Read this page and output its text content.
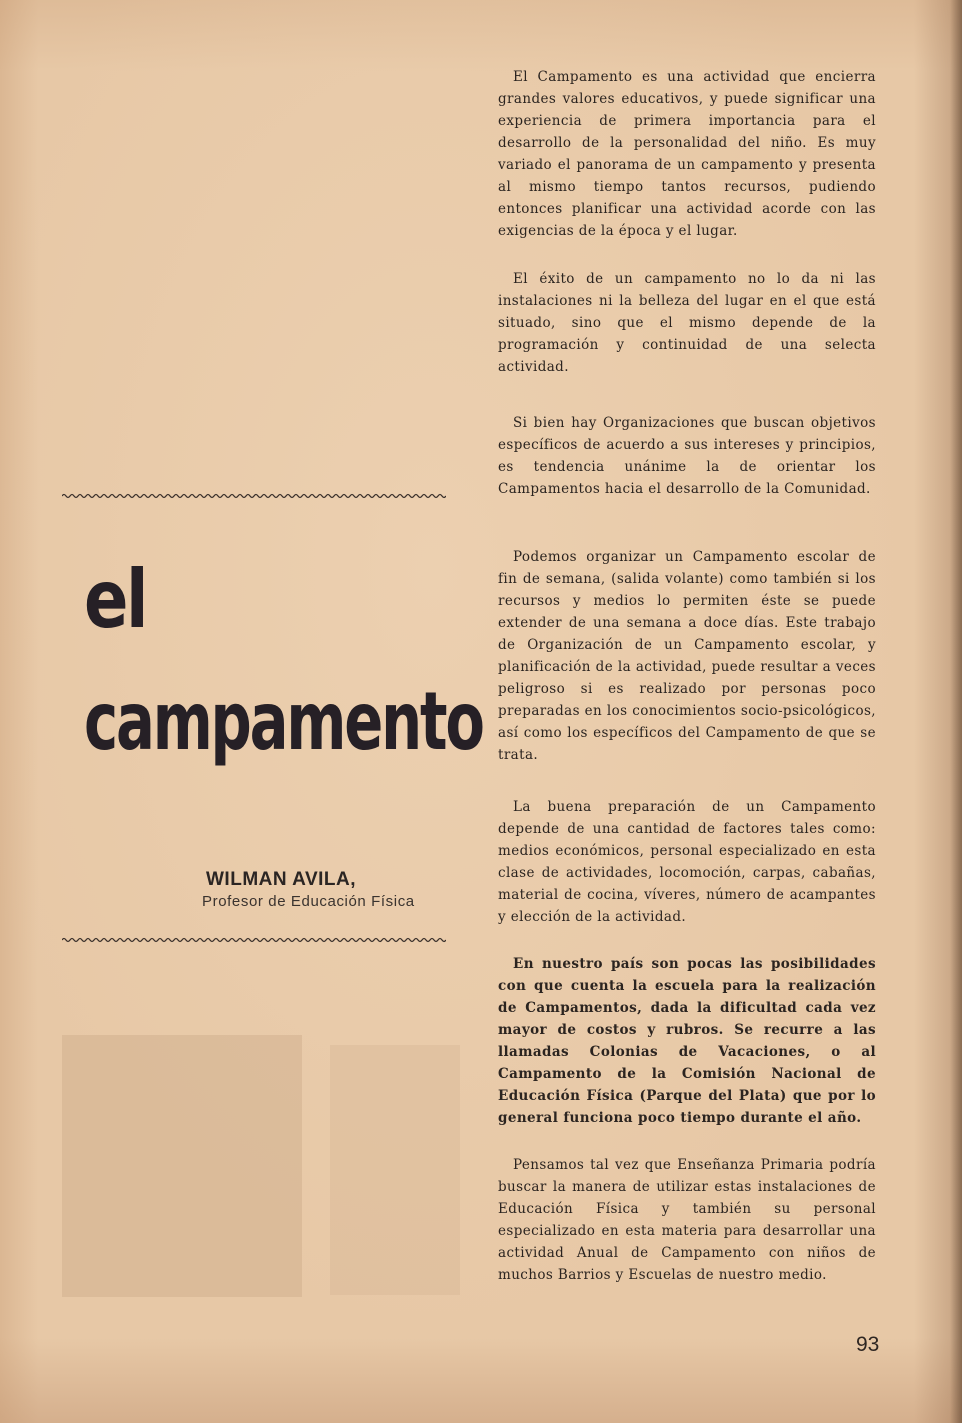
el
campamento
WILMAN AVILA,
Profesor de Educación Física

El Campamento es una actividad que encierra grandes valores educativos, y puede significar una experiencia de primera importancia para el desarrollo de la personalidad del niño. Es muy variado el panorama de un campamento y presenta al mismo tiempo tantos recursos, pudiendo entonces planificar una actividad acorde con las exigencias de la época y el lugar.

El éxito de un campamento no lo da ni las instalaciones ni la belleza del lugar en el que está situado, sino que el mismo depende de la programación y continuidad de una selecta actividad.

Si bien hay Organizaciones que buscan objetivos específicos de acuerdo a sus intereses y principios, es tendencia unánime la de orientar los Campamentos hacia el desarrollo de la Comunidad.

Podemos organizar un Campamento escolar de fin de semana, (salida volante) como también si los recursos y medios lo permiten éste se puede extender de una semana a doce días. Este trabajo de Organización de un Campamento escolar, y planificación de la actividad, puede resultar a veces peligroso si es realizado por personas poco preparadas en los conocimientos socio-psicológicos, así como los específicos del Campamento de que se trata.

La buena preparación de un Campamento depende de una cantidad de factores tales como: medios económicos, personal especializado en esta clase de actividades, locomoción, carpas, cabañas, material de cocina, víveres, número de acampantes y elección de la actividad.

En nuestro país son pocas las posibilidades con que cuenta la escuela para la realización de Campamentos, dada la dificultad cada vez mayor de costos y rubros. Se recurre a las llamadas Colonias de Vacaciones, o al Campamento de la Comisión Nacional de Educación Física (Parque del Plata) que por lo general funciona poco tiempo durante el año.

Pensamos tal vez que Enseñanza Primaria podría buscar la manera de utilizar estas instalaciones de Educación Física y también su personal especializado en esta materia para desarrollar una actividad Anual de Campamento con niños de muchos Barrios y Escuelas de nuestro medio.

93
